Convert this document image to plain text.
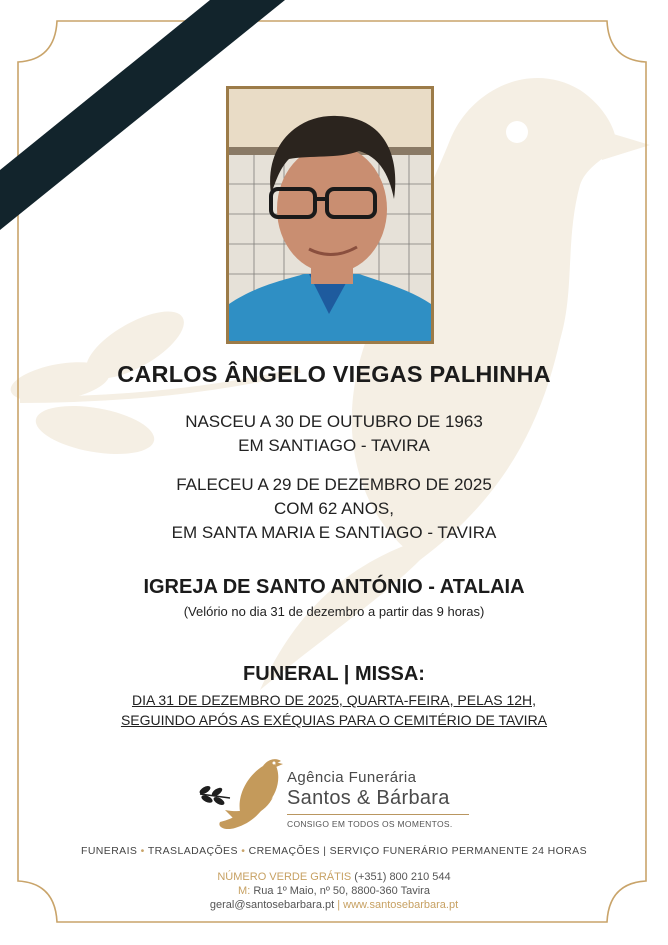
CARLOS ÂNGELO VIEGAS PALHINHA
NASCEU A 30 DE OUTUBRO DE 1963
EM SANTIAGO - TAVIRA
FALECEU A 29 DE DEZEMBRO DE 2025
COM 62 ANOS,
EM SANTA MARIA E SANTIAGO - TAVIRA
IGREJA DE SANTO ANTÓNIO - ATALAIA
(Velório no dia 31 de dezembro a partir das 9 horas)
FUNERAL | MISSA:
DIA 31 DE DEZEMBRO DE 2025, QUARTA-FEIRA, PELAS 12H,
SEGUINDO APÓS AS EXÉQUIAS PARA O CEMITÉRIO DE TAVIRA
Agência Funerária
Santos & Bárbara
CONSIGO EM TODOS OS MOMENTOS.
FUNERAIS • TRASLADAÇÕES • CREMAÇÕES | SERVIÇO FUNERÁRIO PERMANENTE 24 HORAS
NÚMERO VERDE GRÁTIS (+351) 800 210 544
M: Rua 1º Maio, nº 50, 8800-360 Tavira
geral@santosebarbara.pt | www.santosebarbara.pt
